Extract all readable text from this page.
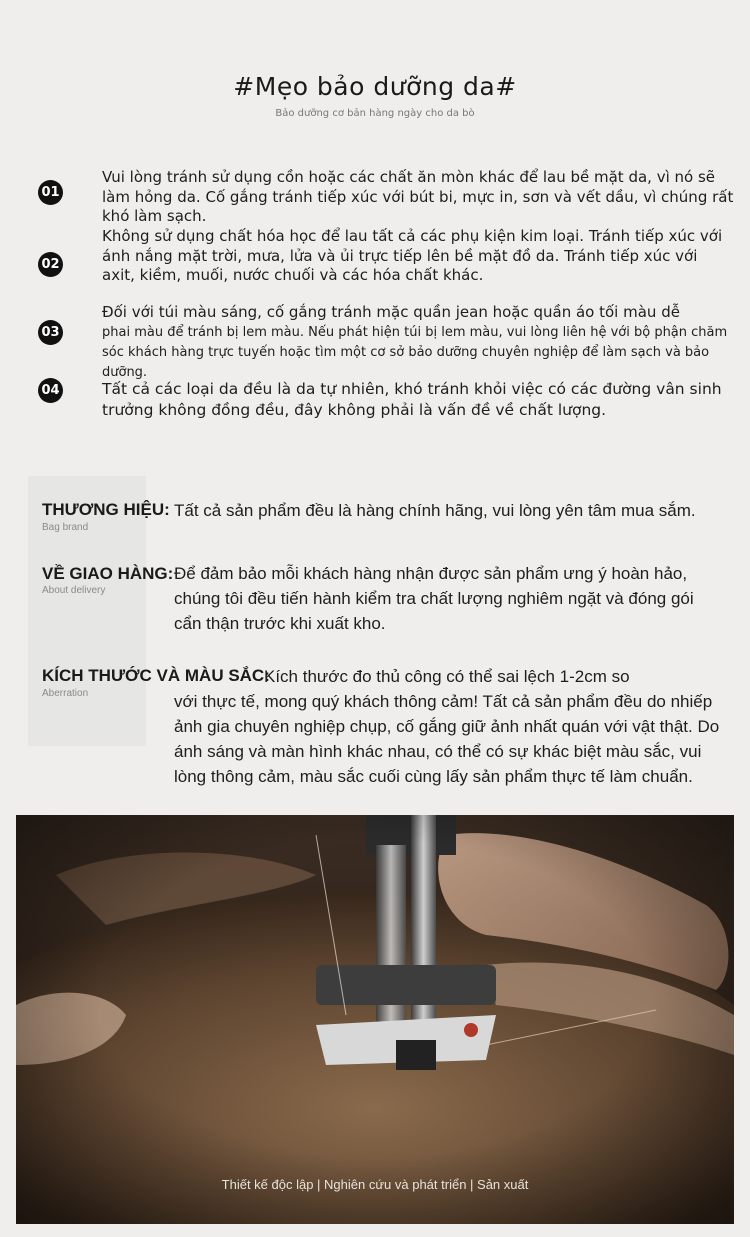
#Mẹo bảo dưỡng da#
Bảo dưỡng cơ bản hàng ngày cho da bò
01
Vui lòng tránh sử dụng cồn hoặc các chất ăn mòn khác để lau bề mặt da, vì nó sẽ làm hỏng da. Cố gắng tránh tiếp xúc với bút bi, mực in, sơn và vết dầu, vì chúng rất khó làm sạch.
02
Không sử dụng chất hóa học để lau tất cả các phụ kiện kim loại. Tránh tiếp xúc với ánh nắng mặt trời, mưa, lửa và ủi trực tiếp lên bề mặt đồ da. Tránh tiếp xúc với axit, kiềm, muối, nước chuối và các hóa chất khác.
03
Đối với túi màu sáng, cố gắng tránh mặc quần jean hoặc quần áo tối màu dễ
phai màu để tránh bị lem màu. Nếu phát hiện túi bị lem màu, vui lòng liên hệ với bộ phận chăm sóc khách hàng trực tuyến hoặc tìm một cơ sở bảo dưỡng chuyên nghiệp để làm sạch và bảo dưỡng.
04	Tất cả các loại da đều là da tự nhiên, khó tránh khỏi việc có các đường vân sinh trưởng không đồng đều, đây không phải là vấn đề về chất lượng.
THƯƠNG HIỆU:
Bag brand
Tất cả sản phẩm đều là hàng chính hãng, vui lòng yên tâm mua sắm.
VỀ GIAO HÀNG:
About delivery
Để đảm bảo mỗi khách hàng nhận được sản phẩm ưng ý hoàn hảo, chúng tôi đều tiến hành kiểm tra chất lượng nghiêm ngặt và đóng gói cẩn thận trước khi xuất kho.
KÍCH THƯỚC VÀ MÀU SẮC:
Aberration
Kích thước đo thủ công có thể sai lệch 1-2cm so
với thực tế, mong quý khách thông cảm! Tất cả sản phẩm đều do nhiếp ảnh gia chuyên nghiệp chụp, cố gắng giữ ảnh nhất quán với vật thật. Do ánh sáng và màn hình khác nhau, có thể có sự khác biệt màu sắc, vui lòng thông cảm, màu sắc cuối cùng lấy sản phẩm thực tế làm chuẩn.
Thiết kế độc lập | Nghiên cứu và phát triển | Sản xuất
